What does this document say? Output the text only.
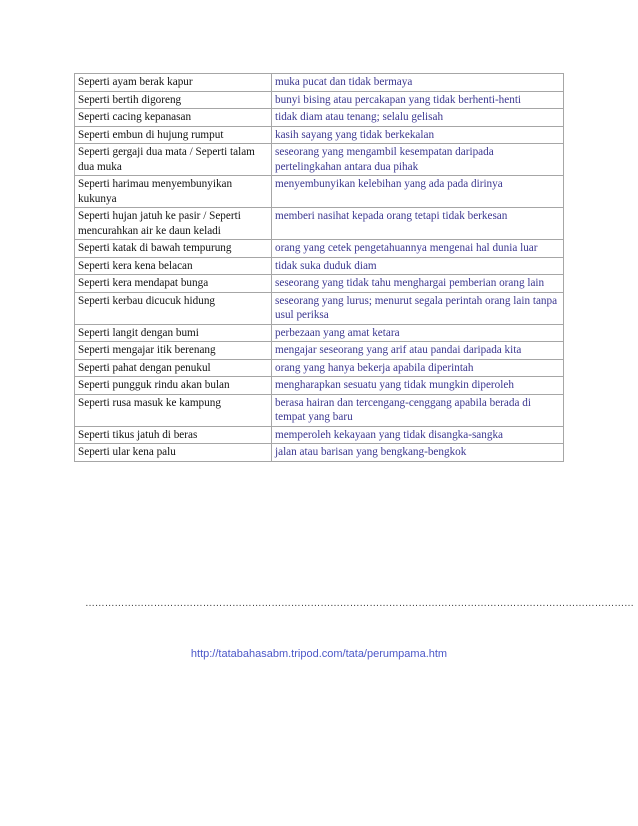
Seperti ayam berak kapur	muka pucat dan tidak bermaya
Seperti bertih digoreng	bunyi bising atau percakapan yang tidak berhenti-henti
Seperti cacing kepanasan	tidak diam atau tenang; selalu gelisah
Seperti embun di hujung rumput	kasih sayang yang tidak berkekalan
Seperti gergaji dua mata / Seperti talam dua muka	seseorang yang mengambil kesempatan daripada pertelingkahan antara dua pihak
Seperti harimau menyembunyikan kukunya	menyembunyikan kelebihan yang ada pada dirinya
Seperti hujan jatuh ke pasir / Seperti mencurahkan air ke daun keladi	memberi nasihat kepada orang tetapi tidak berkesan
Seperti katak di bawah tempurung	orang yang cetek pengetahuannya mengenai hal dunia luar
Seperti kera kena belacan	tidak suka duduk diam
Seperti kera mendapat bunga	seseorang yang tidak tahu menghargai pemberian orang lain
Seperti kerbau dicucuk hidung	seseorang yang lurus; menurut segala perintah orang lain tanpa usul periksa
Seperti langit dengan bumi	perbezaan yang amat ketara
Seperti mengajar itik berenang	mengajar seseorang yang arif atau pandai daripada kita
Seperti pahat dengan penukul	orang yang hanya bekerja apabila diperintah
Seperti pungguk rindu akan bulan	mengharapkan sesuatu yang tidak mungkin diperoleh
Seperti rusa masuk ke kampung	berasa hairan dan tercengang-cenggang apabila berada di tempat yang baru
Seperti tikus jatuh di beras	memperoleh kekayaan yang tidak disangka-sangka
Seperti ular kena palu	jalan atau barisan yang bengkang-bengkok
……………………………………………………………………………………………………………………………………………………
http://tatabahasabm.tripod.com/tata/perumpama.htm
